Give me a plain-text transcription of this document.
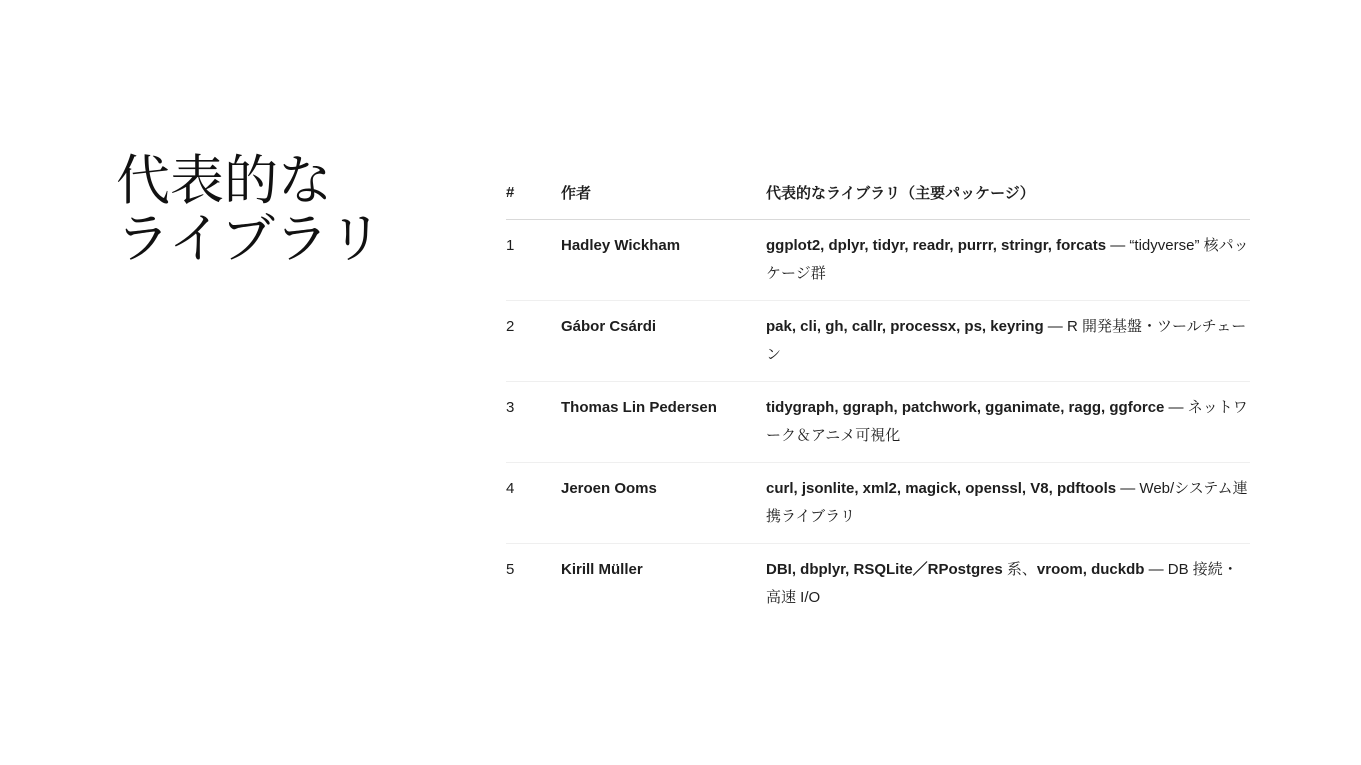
代表的な
ライブラリ
#	作者	代表的なライブラリ（主要パッケージ）
1	Hadley Wickham	ggplot2, dplyr, tidyr, readr, purrr, stringr, forcats — “tidyverse” 核パッケージ群
2	Gábor Csárdi	pak, cli, gh, callr, processx, ps, keyring — R 開発基盤・ツールチェーン
3	Thomas Lin Pedersen	tidygraph, ggraph, patchwork, gganimate, ragg, ggforce — ネットワーク＆アニメ可視化
4	Jeroen Ooms	curl, jsonlite, xml2, magick, openssl, V8, pdftools — Web/システム連携ライブラリ
5	Kirill Müller	DBI, dbplyr, RSQLite／RPostgres 系、vroom, duckdb — DB 接続・高速 I/O
